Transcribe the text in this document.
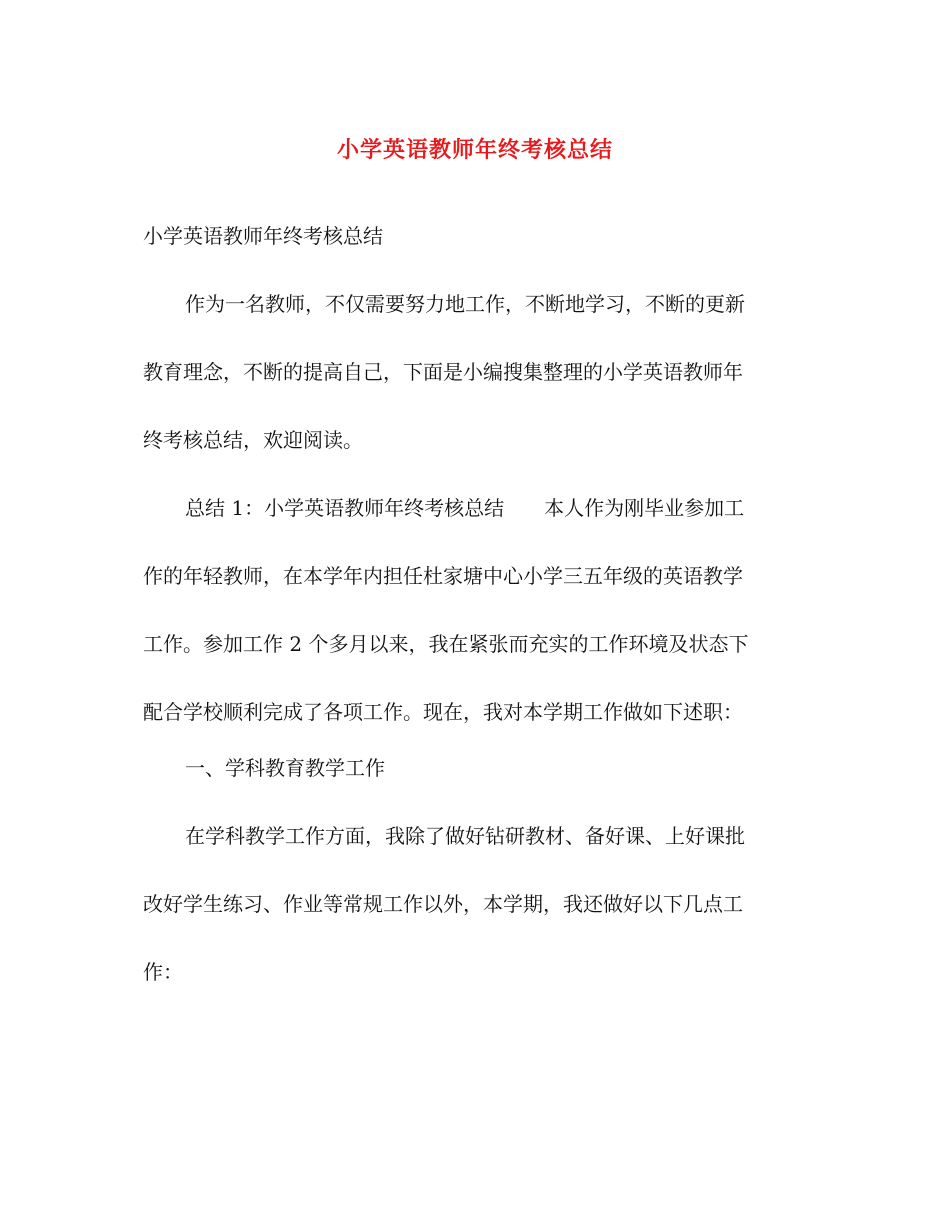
小学英语教师年终考核总结

小学英语教师年终考核总结

作为一名教师，不仅需要努力地工作，不断地学习，不断的更新

教育理念，不断的提高自己，下面是小编搜集整理的小学英语教师年

终考核总结，欢迎阅读。

总结 1：小学英语教师年终考核总结　　本人作为刚毕业参加工

作的年轻教师，在本学年内担任杜家塘中心小学三五年级的英语教学

工作。参加工作 2 个多月以来，我在紧张而充实的工作环境及状态下

配合学校顺利完成了各项工作。现在，我对本学期工作做如下述职：

一、学科教育教学工作

在学科教学工作方面，我除了做好钻研教材、备好课、上好课批

改好学生练习、作业等常规工作以外，本学期，我还做好以下几点工

作：
